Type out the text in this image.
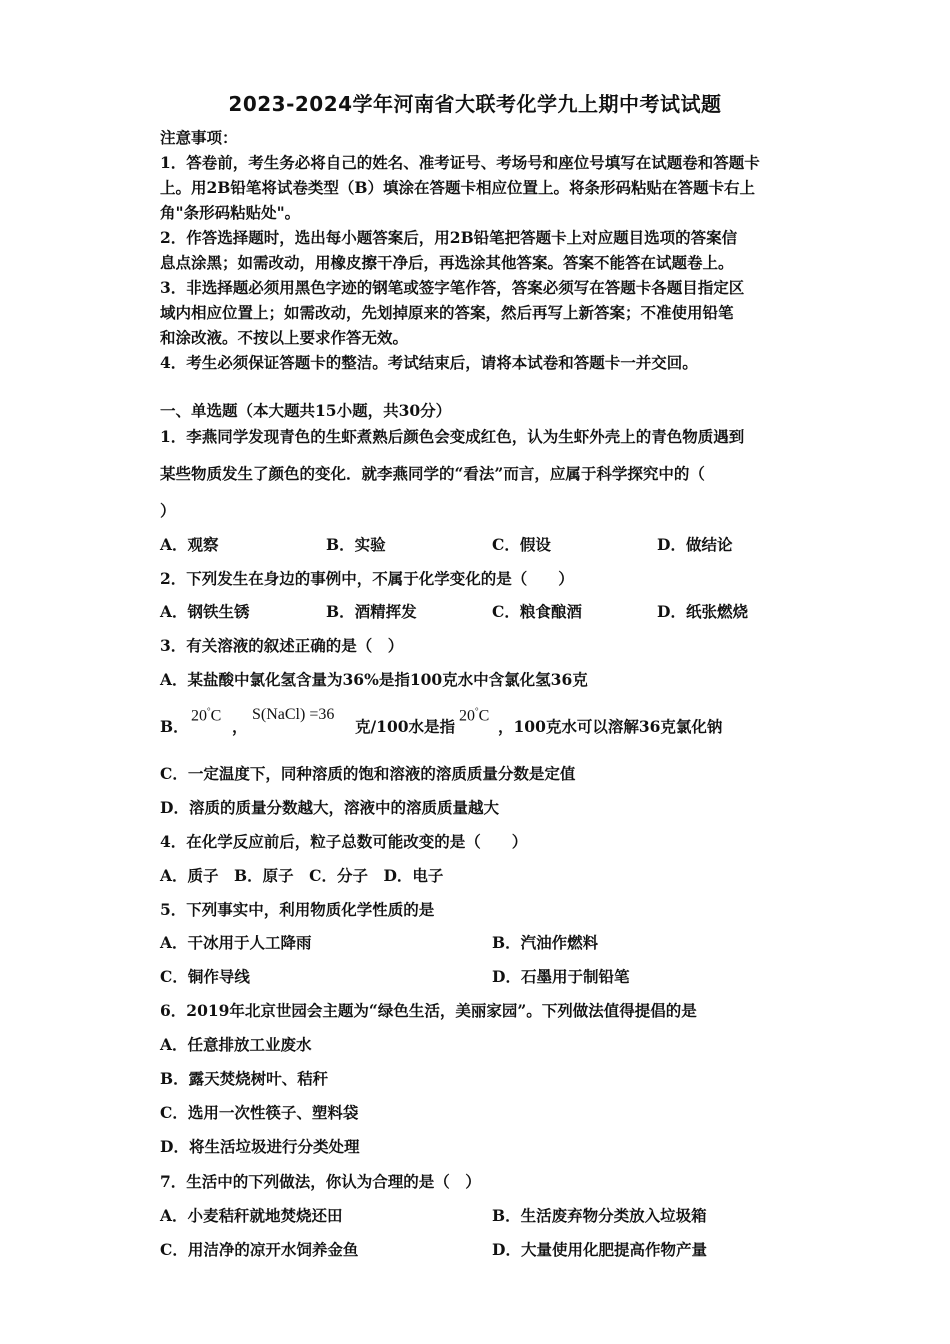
2023-2024学年河南省大联考化学九上期中考试试题
注意事项：
1．答卷前，考生务必将自己的姓名、准考证号、考场号和座位号填写在试题卷和答题卡
上。用2B铅笔将试卷类型（B）填涂在答题卡相应位置上。将条形码粘贴在答题卡右上
角"条形码粘贴处"。
2．作答选择题时，选出每小题答案后，用2B铅笔把答题卡上对应题目选项的答案信
息点涂黑；如需改动，用橡皮擦干净后，再选涂其他答案。答案不能答在试题卷上。
3．非选择题必须用黑色字迹的钢笔或签字笔作答，答案必须写在答题卡各题目指定区
域内相应位置上；如需改动，先划掉原来的答案，然后再写上新答案；不准使用铅笔
和涂改液。不按以上要求作答无效。
4．考生必须保证答题卡的整洁。考试结束后，请将本试卷和答题卡一并交回。
一、单选题（本大题共15小题，共30分）
1．李燕同学发现青色的生虾煮熟后颜色会变成红色，认为生虾外壳上的青色物质遇到
某些物质发生了颜色的变化．就李燕同学的“看法”而言，应属于科学探究中的（
）
A．观察	B．实验	C．假设	D．做结论
2．下列发生在身边的事例中，不属于化学变化的是（　　）
A．钢铁生锈	B．酒精挥发	C．粮食酿酒	D．纸张燃烧
3．有关溶液的叙述正确的是（　）
A．某盐酸中氯化氢含量为36%是指100克水中含氯化氢36克
B．
20°C
，
S(NaCl) =36
克/100水是指
20°C
，100克水可以溶解36克氯化钠
C．一定温度下，同种溶质的饱和溶液的溶质质量分数是定值
D．溶质的质量分数越大，溶液中的溶质质量越大
4．在化学反应前后，粒子总数可能改变的是（　　）
A．质子　B．原子　C．分子　D．电子
5．下列事实中，利用物质化学性质的是
A．干冰用于人工降雨	B．汽油作燃料
C．铜作导线	D．石墨用于制铅笔
6．2019年北京世园会主题为“绿色生活，美丽家园”。下列做法值得提倡的是
A．任意排放工业废水
B．露天焚烧树叶、秸秆
C．选用一次性筷子、塑料袋
D．将生活垃圾进行分类处理
7．生活中的下列做法，你认为合理的是（　）
A．小麦秸秆就地焚烧还田	B．生活废弃物分类放入垃圾箱
C．用洁净的凉开水饲养金鱼	D．大量使用化肥提高作物产量
